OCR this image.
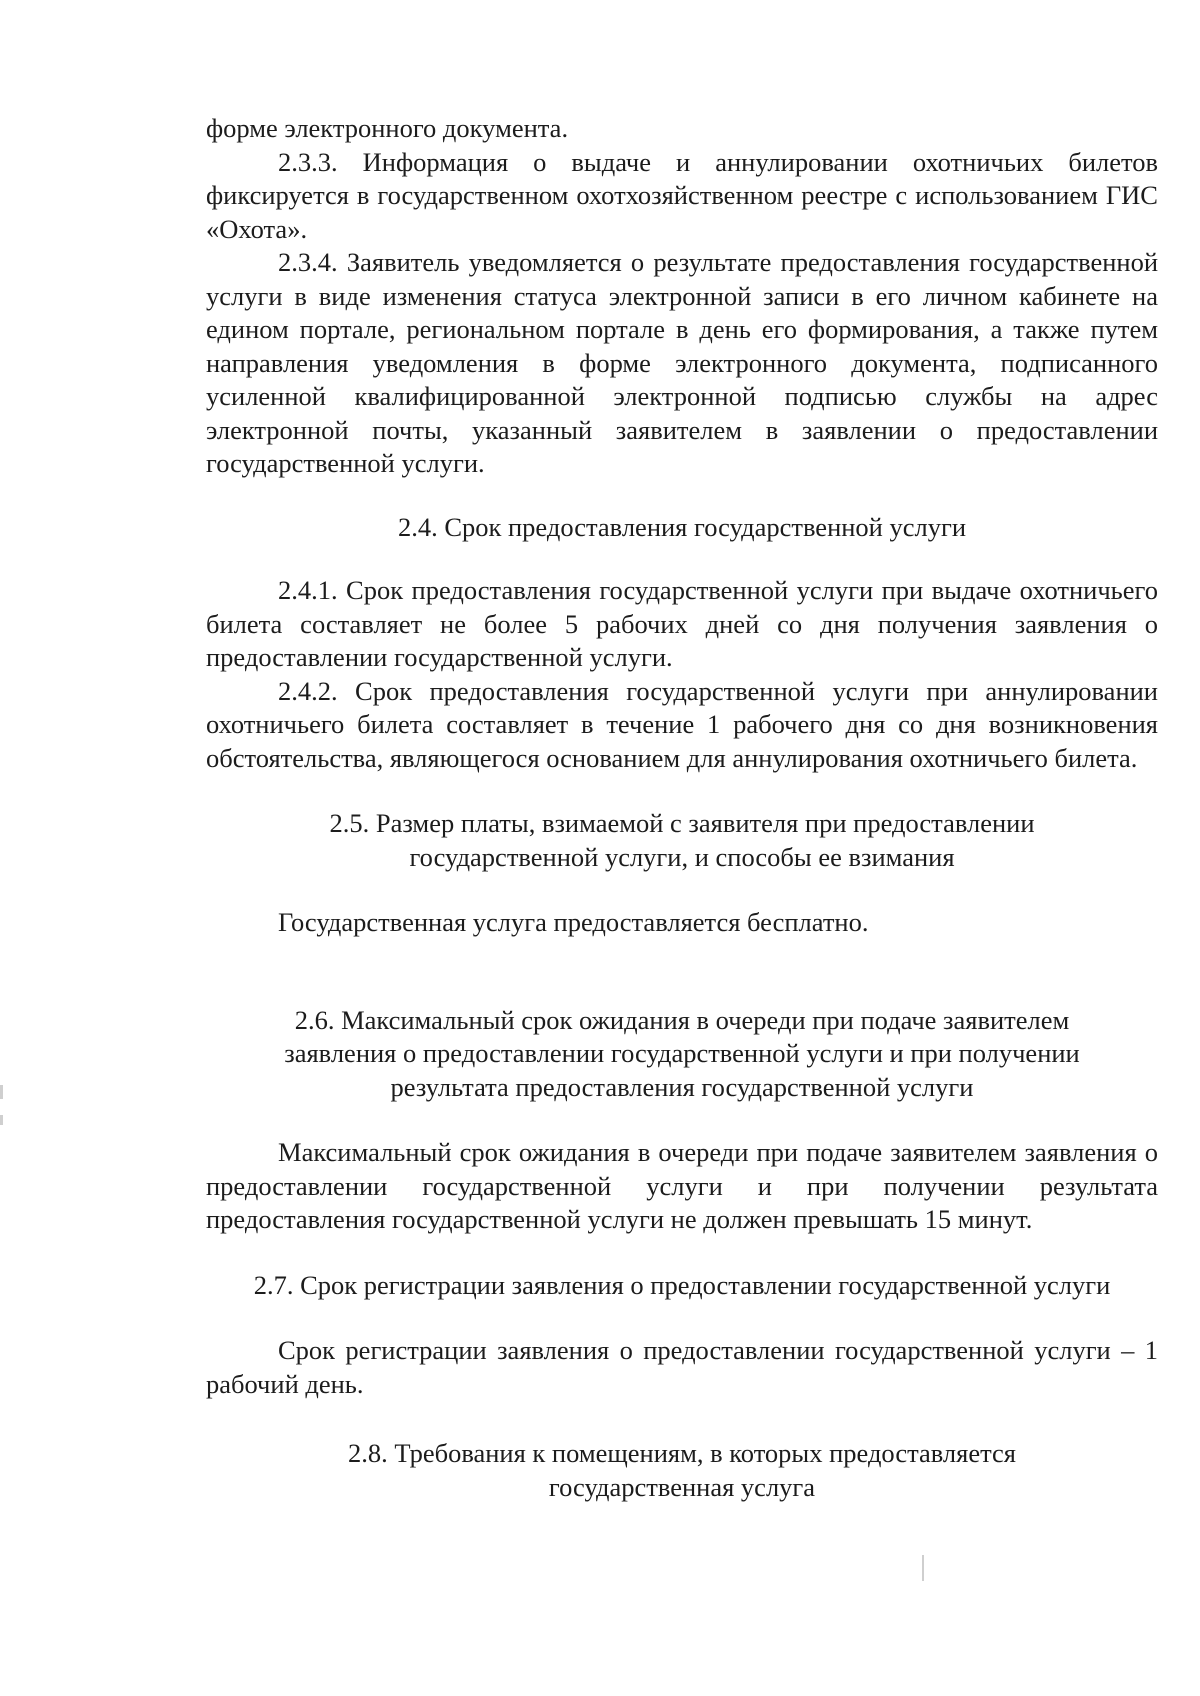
форме электронного документа.

2.3.3. Информация о выдаче и аннулировании охотничьих билетов фиксируется в государственном охотхозяйственном реестре с использованием ГИС «Охота».

2.3.4. Заявитель уведомляется о результате предоставления государственной услуги в виде изменения статуса электронной записи в его личном кабинете на едином портале, региональном портале в день его формирования, а также путем направления уведомления в форме электронного документа, подписанного усиленной квалифицированной электронной подписью службы на адрес электронной почты, указанный заявителем в заявлении о предоставлении государственной услуги.

2.4. Срок предоставления государственной услуги

2.4.1. Срок предоставления государственной услуги при выдаче охотничьего билета составляет не более 5 рабочих дней со дня получения заявления о предоставлении государственной услуги.

2.4.2. Срок предоставления государственной услуги при аннулировании охотничьего билета составляет в течение 1 рабочего дня со дня возникновения обстоятельства, являющегося основанием для аннулирования охотничьего билета.

2.5. Размер платы, взимаемой с заявителя при предоставлении
государственной услуги, и способы ее взимания

Государственная услуга предоставляется бесплатно.

2.6. Максимальный срок ожидания в очереди при подаче заявителем
заявления о предоставлении государственной услуги и при получении
результата предоставления государственной услуги

Максимальный срок ожидания в очереди при подаче заявителем заявления о предоставлении государственной услуги и при получении результата предоставления государственной услуги не должен превышать 15 минут.

2.7. Срок регистрации заявления о предоставлении государственной услуги

Срок регистрации заявления о предоставлении государственной услуги – 1 рабочий день.

2.8. Требования к помещениям, в которых предоставляется
государственная услуга
